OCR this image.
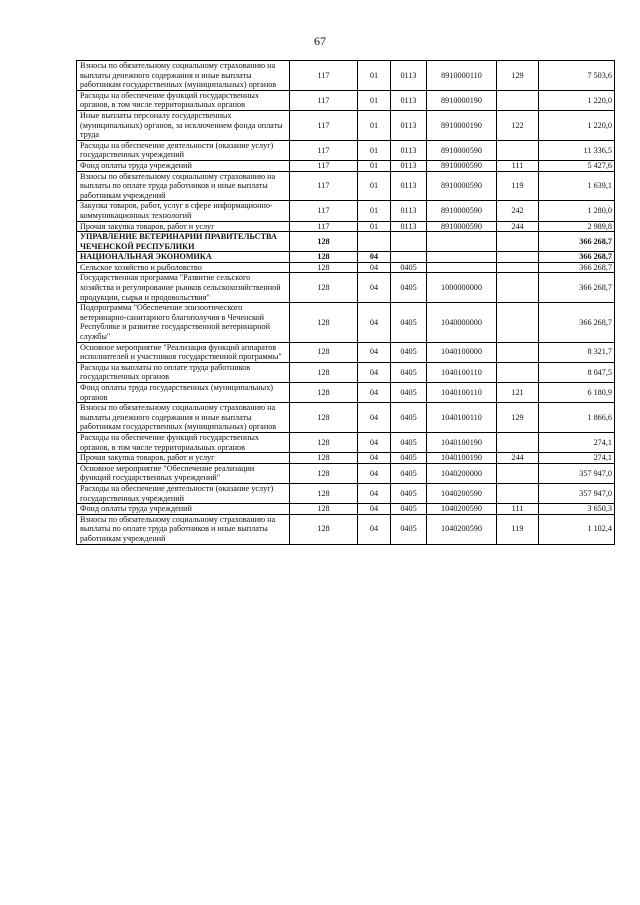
67
Взносы по обязательному социальному страхованию на выплаты денежного содержания и иные выплаты работникам государственных (муниципальных) органов	117	01	0113	8910000110	129	7 503,6
Расходы на обеспечение функций государственных органов, в том числе территориальных органов	117	01	0113	8910000190		1 220,0
Иные выплаты персоналу государственных (муниципальных) органов, за исключением фонда оплаты труда	117	01	0113	8910000190	122	1 220,0
Расходы на обеспечение деятельности (оказание услуг) государственных учреждений	117	01	0113	8910000590		11 336,5
Фонд оплаты труда учреждений	117	01	0113	8910000590	111	5 427,6
Взносы по обязательному социальному страхованию на выплаты по оплате труда работников и иные выплаты работникам учреждений	117	01	0113	8910000590	119	1 639,1
Закупка товаров, работ, услуг в сфере информационно-коммуникационных технологий	117	01	0113	8910000590	242	1 280,0
Прочая закупка товаров, работ и услуг	117	01	0113	8910000590	244	2 989,8
УПРАВЛЕНИЕ ВЕТЕРИНАРИИ ПРАВИТЕЛЬСТВА ЧЕЧЕНСКОЙ РЕСПУБЛИКИ	128					366 268,7
НАЦИОНАЛЬНАЯ ЭКОНОМИКА	128	04				366 268,7
Сельское хозяйство и рыболовство	128	04	0405			366 268,7
Государственная программа "Развитие сельского хозяйства и регулирование рынков сельскохозяйственной продукции, сырья и продовольствия"	128	04	0405	1000000000		366 268,7
Подпрограмма "Обеспечение эпизоотического ветеринарно-санитарного благополучия в Чеченской Республике и развитие государственной ветеринарной службы"	128	04	0405	1040000000		366 268,7
Основное мероприятие "Реализация функций аппаратов исполнителей и участников государственной программы"	128	04	0405	1040100000		8 321,7
Расходы на выплаты по оплате труда работников государственных органов	128	04	0405	1040100110		8 047,5
Фонд оплаты труда государственных (муниципальных) органов	128	04	0405	1040100110	121	6 180,9
Взносы по обязательному социальному страхованию на выплаты денежного содержания и иные выплаты работникам государственных (муниципальных) органов	128	04	0405	1040100110	129	1 866,6
Расходы на обеспечение функций государственных органов, в том числе территориальных органов	128	04	0405	1040100190		274,1
Прочая закупка товаров, работ и услуг	128	04	0405	1040100190	244	274,1
Основное мероприятие "Обеспечение реализации функций государственных учреждений"	128	04	0405	1040200000		357 947,0
Расходы на обеспечение деятельности (оказание услуг) государственных учреждений	128	04	0405	1040200590		357 947,0
Фонд оплаты труда учреждений	128	04	0405	1040200590	111	3 650,3
Взносы по обязательному социальному страхованию на выплаты по оплате труда работников и иные выплаты работникам учреждений	128	04	0405	1040200590	119	1 102,4
